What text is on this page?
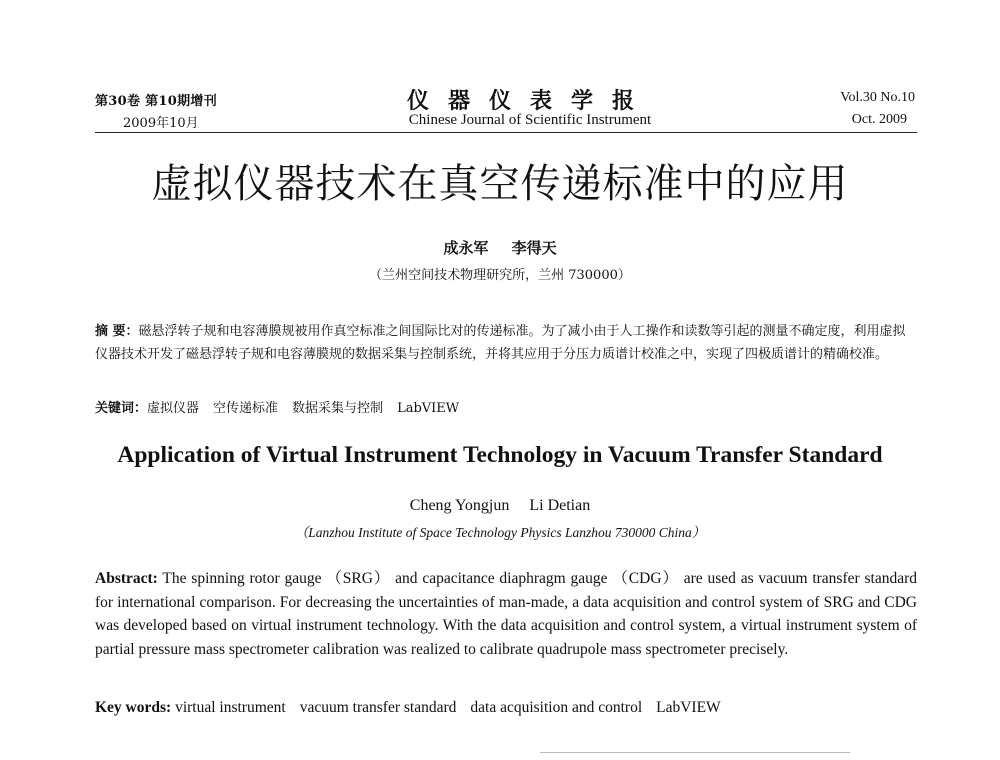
第30卷 第10期增刊
2009年10月
仪器仪表学报
Chinese Journal of Scientific Instrument
Vol.30 No.10
Oct. 2009
虚拟仪器技术在真空传递标准中的应用
成永军 李得天
（兰州空间技术物理研究所，兰州 730000）
摘 要：磁悬浮转子规和电容薄膜规被用作真空标准之间国际比对的传递标准。为了减小由于人工操作和读数等引起的测量不确定度，利用虚拟仪器技术开发了磁悬浮转子规和电容薄膜规的数据采集与控制系统，并将其应用于分压力质谱计校准之中，实现了四极质谱计的精确校准。
关键词：虚拟仪器 空传递标准 数据采集与控制 LabVIEW
Application of Virtual Instrument Technology in Vacuum Transfer Standard
Cheng Yongjun Li Detian
（Lanzhou Institute of Space Technology Physics Lanzhou 730000 China）
Abstract: The spinning rotor gauge （SRG） and capacitance diaphragm gauge （CDG） are used as vacuum transfer standard for international comparison. For decreasing the uncertainties of man-made, a data acquisition and control system of SRG and CDG was developed based on virtual instrument technology. With the data acquisition and control system, a virtual instrument system of partial pressure mass spectrometer calibration was realized to calibrate quadrupole mass spectrometer precisely.
Key words: virtual instrument vacuum transfer standard data acquisition and control LabVIEW
